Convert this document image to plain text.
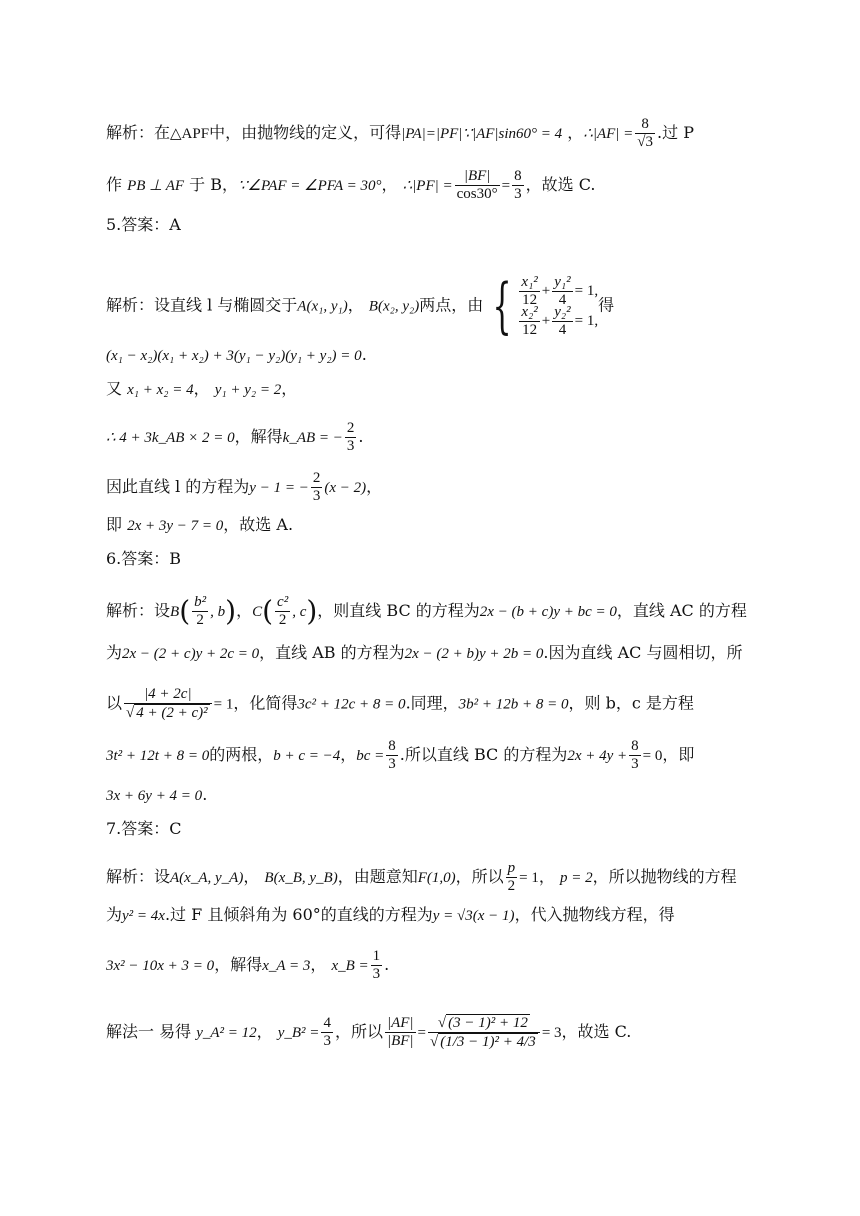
解析：在△APF中，由抛物线的定义，可得|PA|=|PF|∵|AF|sin60° = 4 ，∴|AF| = $\frac{8}{√3}$ .过 P
作 PB ⊥ AF 于 B，∵∠PAF = ∠PFA = 30°， ∴|PF| = $\frac{|BF|}{\cos 30^\circ} = \frac{8}{3}$ ，故选 C.
5.答案：A
解析：设直线 l 与椭圆交于A(x₁, y₁)， B(x₂, y₂)两点，由 { $\frac{\text{x₁²}}{12} + \frac{\text{y₁²}}{4} = 1$,
$\frac{\text{x₂²}}{12} + \frac{\text{y₂²}}{4} = 1$,
得
(x₁ − x₂)(x₁ + x₂) + 3(y₁ − y₂)(y₁ + y₂) = 0.
又 x₁ + x₂ = 4， y₁ + y₂ = 2，
∴ 4 + 3k_AB × 2 = 0，解得k_AB = − $\frac{2}{3}$ .
因此直线 l 的方程为y − 1 = − $\frac{2}{3} (x - 2)$，
即 2x + 3y − 7 = 0，故选 A.
6.答案：B
解析：设$B( \frac{\text{b²}}{2}$ , b)，$C( \frac{\text{c²}}{2}$ , c)，则直线 BC 的方程为2x − (b + c)y + bc = 0，直线 AC 的方程
为2x − (2 + c)y + 2c = 0，直线 AB 的方程为2x − (2 + b)y + 2b = 0.因为直线 AC 与圆相切，所
以 $\frac{|4 + 2c|}{\text{√ 4 + (2 + c)²}} = 1$，化简得3c² + 12c + 8 = 0.同理，3b² + 12b + 8 = 0，则 b，c 是方程
3t² + 12t + 8 = 0的两根，b + c = −4，bc = $\frac{8}{3}$ .所以直线 BC 的方程为$2x + 4y + \frac{8}{3} = 0$，即
3x + 6y + 4 = 0.
7.答案：C
解析：设A(x_A, y_A)， B(x_B, y_B)，由题意知F(1,0)，所以 $\frac{p}{2} = 1$， p = 2，所以抛物线的方程
为y² = 4x.过 F 且倾斜角为 60°的直线的方程为y = √3(x − 1)，代入抛物线方程，得
3x² − 10x + 3 = 0，解得x_A = 3， x_B = $\frac{1}{3}$ .
解法一 易得 y_A² = 12， y_B² = $\frac{4}{3}$ ，所以 $\frac{|AF|}{|BF|} = \frac{\text{√ (3 − 1)² + 12}}{\text{√ (1/3 − 1)² + 4/3}} = 3$，故选 C.
